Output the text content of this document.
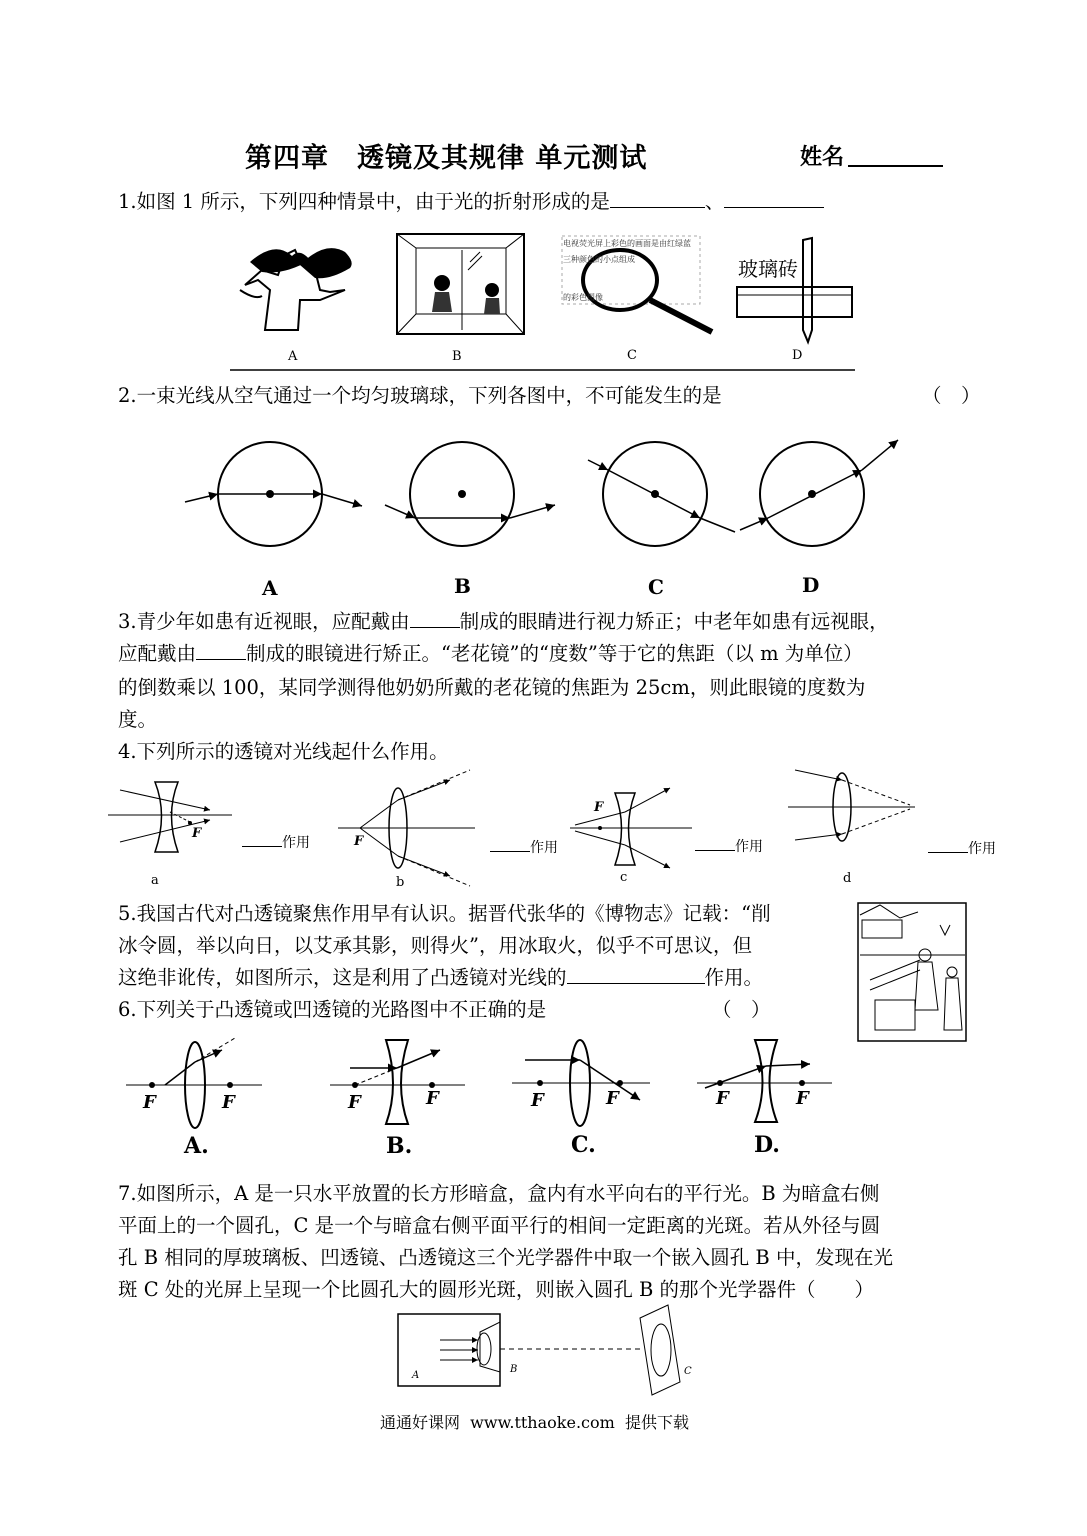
第四章　透镜及其规律 单元测试	姓名
1.如图 1 所示，下列四种情景中，由于光的折射形成的是	、
电视荧光屏上彩色的画面是由红绿蓝
三种颜色的小点组成
的彩色图像
玻璃砖
A	B	C	D
2.一束光线从空气通过一个均匀玻璃球，下列各图中，不可能发生的是	（　）
A	B	C	D
3.青少年如患有近视眼，应配戴由	制成的眼睛进行视力矫正；中老年如患有远视眼，
应配戴由	制成的眼镜进行矫正。“老花镜”的“度数”等于它的焦距（以 m 为单位）
的倒数乘以 100，某同学测得他奶奶所戴的老花镜的焦距为 25cm，则此眼镜的度数为
度。
4.下列所示的透镜对光线起什么作用。
F
F
F
作用	作用	作用	作用
a	b	c	d
5.我国古代对凸透镜聚焦作用早有认识。据晋代张华的《博物志》记载：“削
冰令圆，举以向日，以艾承其影，则得火”，用冰取火，似乎不可思议，但
这绝非讹传，如图所示，这是利用了凸透镜对光线的	作用。
6.下列关于凸透镜或凹透镜的光路图中不正确的是	（　）
F	F	F	F	F	F	F	F
A.	B.	C.	D.
7.如图所示，A 是一只水平放置的长方形暗盒，盒内有水平向右的平行光。B 为暗盒右侧
平面上的一个圆孔，C 是一个与暗盒右侧平面平行的相间一定距离的光斑。若从外径与圆
孔 B 相同的厚玻璃板、凹透镜、凸透镜这三个光学器件中取一个嵌入圆孔 B 中，发现在光
斑 C 处的光屏上呈现一个比圆孔大的圆形光斑，则嵌入圆孔 B 的那个光学器件（　　）
A
B	C
通通好课网  www.tthaoke.com  提供下载
